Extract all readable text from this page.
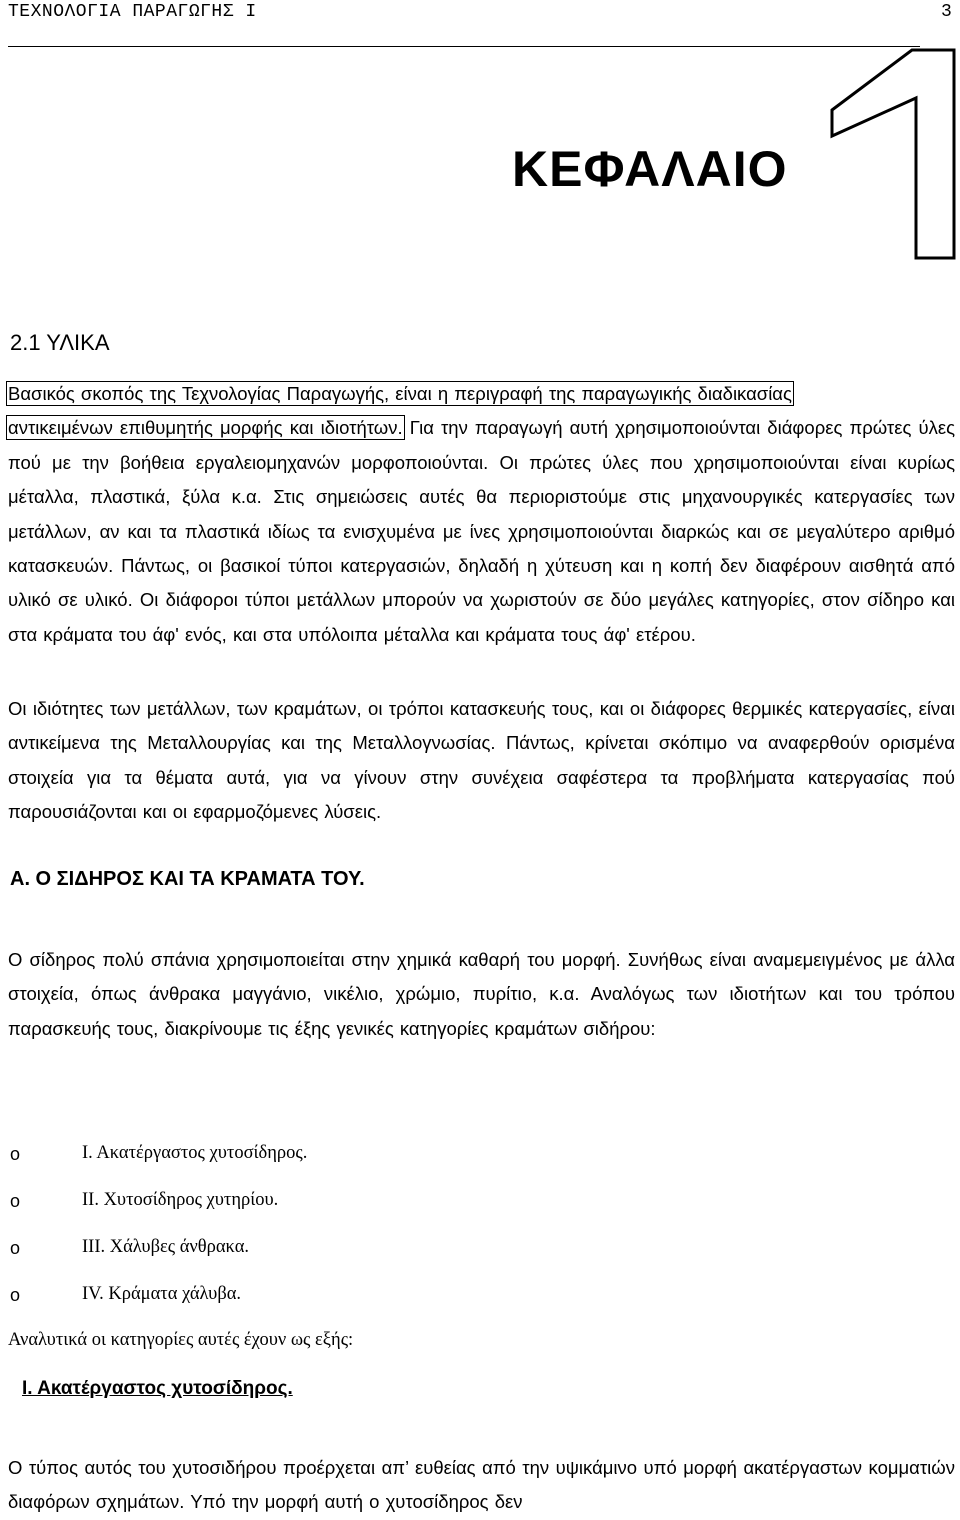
ΤΕΧΝΟΛΟΓΙΑ ΠΑΡΑΓΩΓΗΣ Ι	3
ΚΕΦΑΛΑΙΟ
1
2.1 ΥΛΙΚΑ
Βασικός σκοπός της Τεχνολογίας Παραγωγής, είναι η περιγραφή της παραγωγικής διαδικασίας
αντικειμένων επιθυμητής μορφής και ιδιοτήτων. Για την παραγωγή αυτή χρησιμοποιούνται διάφορες πρώτες ύλες πού με την βοήθεια εργαλειομηχανών μορφοποιούνται. Οι πρώτες ύλες που χρησιμοποιούνται είναι κυρίως μέταλλα, πλαστικά, ξύλα κ.α. Στις σημειώσεις αυτές θα περιοριστούμε στις μηχανουργικές κατεργασίες των μετάλλων, αν και τα πλαστικά ιδίως τα ενισχυμένα με ίνες χρησιμοποιούνται διαρκώς και σε μεγαλύτερο αριθμό κατασκευών. Πάντως, οι βασικοί τύποι κατεργασιών, δηλαδή η χύτευση και η κοπή δεν διαφέρουν αισθητά από υλικό σε υλικό. Οι διάφοροι τύποι μετάλλων μπορούν να χωριστούν σε δύο μεγάλες κατηγορίες, στον σίδηρο και στα κράματα του άφ' ενός, και στα υπόλοιπα μέταλλα και κράματα τους άφ' ετέρου.
Οι ιδιότητες των μετάλλων, των κραμάτων, οι τρόποι κατασκευής τους, και οι διάφορες θερμικές κατεργασίες, είναι αντικείμενα της Μεταλλουργίας και της Μεταλλογνωσίας. Πάντως, κρίνεται σκόπιμο να αναφερθούν ορισμένα στοιχεία για τα θέματα αυτά, για να γίνουν στην συνέχεια σαφέστερα τα προβλήματα κατεργασίας πού παρουσιάζονται και οι εφαρμοζόμενες λύσεις.
Α. Ο ΣΙΔΗΡΟΣ ΚΑΙ ΤΑ ΚΡΑΜΑΤΑ ΤΟΥ.
Ο σίδηρος πολύ σπάνια χρησιμοποιείται στην χημικά καθαρή του μορφή. Συνήθως είναι αναμεμειγμένος με άλλα στοιχεία, όπως άνθρακα μαγγάνιο, νικέλιο, χρώμιο, πυρίτιο, κ.α. Αναλόγως των ιδιοτήτων και του τρόπου παρασκευής τους, διακρίνουμε τις έξης γενικές κατηγορίες κραμάτων σιδήρου:
o	Ι. Ακατέργαστος χυτοσίδηρος.
o	ΙΙ. Χυτοσίδηρος χυτηρίου.
o	ΙΙΙ. Χάλυβες άνθρακα.
o	ΙV. Κράματα χάλυβα.
Αναλυτικά οι κατηγορίες αυτές έχουν ως εξής:
Ι. Ακατέργαστος χυτοσίδηρος.
Ο τύπος αυτός του χυτοσιδήρου προέρχεται απ’ ευθείας από την υψικάμινο υπό μορφή ακατέργαστων κομματιών διαφόρων σχημάτων. Υπό την μορφή αυτή ο χυτοσίδηρος δεν
